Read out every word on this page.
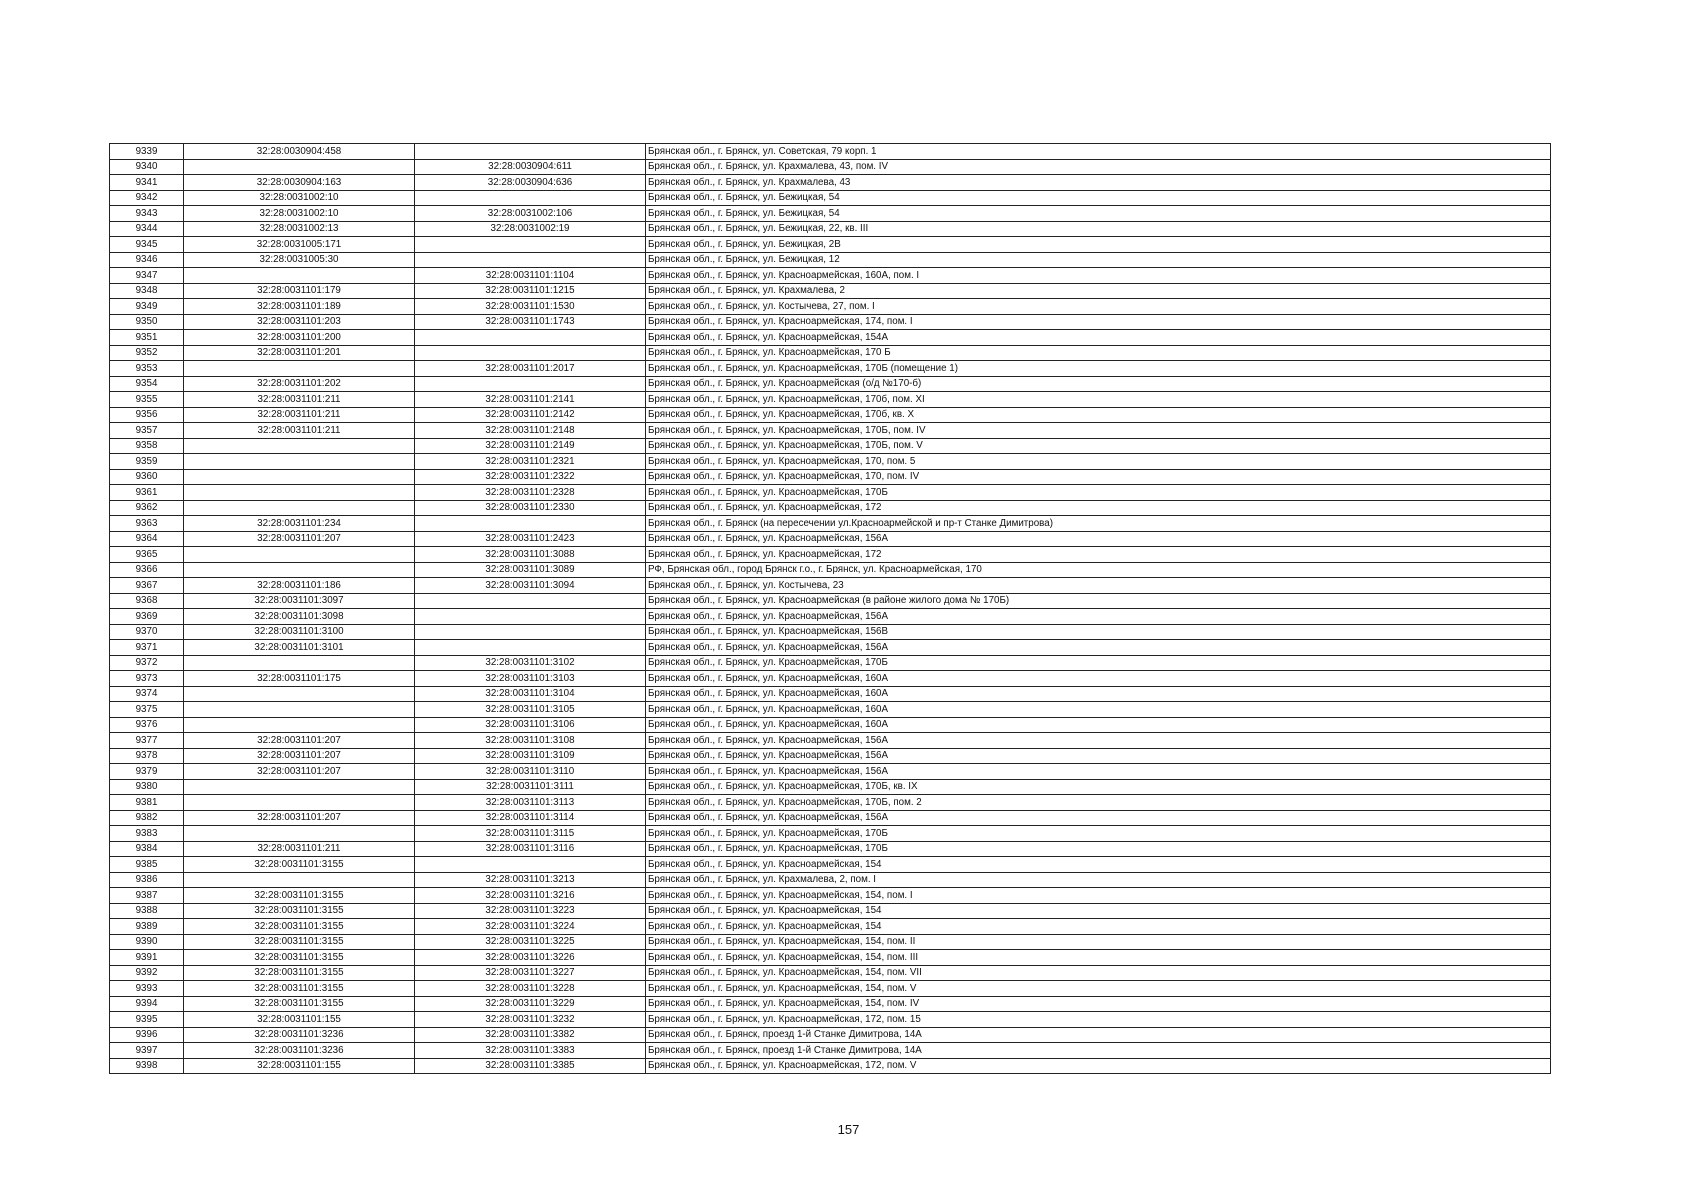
9339	32:28:0030904:458		Брянская обл., г. Брянск, ул. Советская, 79 корп. 1
9340		32:28:0030904:611	Брянская обл., г. Брянск, ул. Крахмалева, 43, пом. IV
9341	32:28:0030904:163	32:28:0030904:636	Брянская обл., г. Брянск, ул. Крахмалева, 43
9342	32:28:0031002:10		Брянская обл., г. Брянск, ул. Бежицкая, 54
9343	32:28:0031002:10	32:28:0031002:106	Брянская обл., г. Брянск, ул. Бежицкая, 54
9344	32:28:0031002:13	32:28:0031002:19	Брянская обл., г. Брянск, ул. Бежицкая, 22, кв. III
9345	32:28:0031005:171		Брянская обл., г. Брянск, ул. Бежицкая, 2В
9346	32:28:0031005:30		Брянская обл., г. Брянск, ул. Бежицкая, 12
9347		32:28:0031101:1104	Брянская обл., г. Брянск, ул. Красноармейская, 160А, пом. I
9348	32:28:0031101:179	32:28:0031101:1215	Брянская обл., г. Брянск, ул. Крахмалева, 2
9349	32:28:0031101:189	32:28:0031101:1530	Брянская обл., г. Брянск, ул. Костычева, 27, пом. I
9350	32:28:0031101:203	32:28:0031101:1743	Брянская обл., г. Брянск, ул. Красноармейская, 174, пом. I
9351	32:28:0031101:200		Брянская обл., г. Брянск, ул. Красноармейская, 154А
9352	32:28:0031101:201		Брянская обл., г. Брянск, ул. Красноармейская, 170 Б
9353		32:28:0031101:2017	Брянская обл., г. Брянск, ул. Красноармейская, 170Б (помещение 1)
9354	32:28:0031101:202		Брянская обл., г. Брянск, ул. Красноармейская (о/д №170-б)
9355	32:28:0031101:211	32:28:0031101:2141	Брянская обл., г. Брянск, ул. Красноармейская, 170б, пом. XI
9356	32:28:0031101:211	32:28:0031101:2142	Брянская обл., г. Брянск, ул. Красноармейская, 170б, кв. X
9357	32:28:0031101:211	32:28:0031101:2148	Брянская обл., г. Брянск, ул. Красноармейская, 170Б, пом. IV
9358		32:28:0031101:2149	Брянская обл., г. Брянск, ул. Красноармейская, 170Б, пом. V
9359		32:28:0031101:2321	Брянская обл., г. Брянск, ул. Красноармейская, 170, пом. 5
9360		32:28:0031101:2322	Брянская обл., г. Брянск, ул. Красноармейская, 170, пом. IV
9361		32:28:0031101:2328	Брянская обл., г. Брянск, ул. Красноармейская, 170Б
9362		32:28:0031101:2330	Брянская обл., г. Брянск, ул. Красноармейская, 172
9363	32:28:0031101:234		Брянская обл., г. Брянск (на пересечении ул.Красноармейской и пр-т Станке Димитрова)
9364	32:28:0031101:207	32:28:0031101:2423	Брянская обл., г. Брянск, ул. Красноармейская, 156А
9365		32:28:0031101:3088	Брянская обл., г. Брянск, ул. Красноармейская, 172
9366		32:28:0031101:3089	РФ, Брянская обл., город Брянск г.о., г. Брянск, ул. Красноармейская, 170
9367	32:28:0031101:186	32:28:0031101:3094	Брянская обл., г. Брянск, ул. Костычева, 23
9368	32:28:0031101:3097		Брянская обл., г. Брянск, ул. Красноармейская (в районе жилого дома № 170Б)
9369	32:28:0031101:3098		Брянская обл., г. Брянск, ул. Красноармейская, 156А
9370	32:28:0031101:3100		Брянская обл., г. Брянск, ул. Красноармейская, 156В
9371	32:28:0031101:3101		Брянская обл., г. Брянск, ул. Красноармейская, 156А
9372		32:28:0031101:3102	Брянская обл., г. Брянск, ул. Красноармейская, 170Б
9373	32:28:0031101:175	32:28:0031101:3103	Брянская обл., г. Брянск, ул. Красноармейская, 160А
9374		32:28:0031101:3104	Брянская обл., г. Брянск, ул. Красноармейская, 160А
9375		32:28:0031101:3105	Брянская обл., г. Брянск, ул. Красноармейская, 160А
9376		32:28:0031101:3106	Брянская обл., г. Брянск, ул. Красноармейская, 160А
9377	32:28:0031101:207	32:28:0031101:3108	Брянская обл., г. Брянск, ул. Красноармейская, 156А
9378	32:28:0031101:207	32:28:0031101:3109	Брянская обл., г. Брянск, ул. Красноармейская, 156А
9379	32:28:0031101:207	32:28:0031101:3110	Брянская обл., г. Брянск, ул. Красноармейская, 156А
9380		32:28:0031101:3111	Брянская обл., г. Брянск, ул. Красноармейская, 170Б, кв. IX
9381		32:28:0031101:3113	Брянская обл., г. Брянск, ул. Красноармейская, 170Б, пом. 2
9382	32:28:0031101:207	32:28:0031101:3114	Брянская обл., г. Брянск, ул. Красноармейская, 156А
9383		32:28:0031101:3115	Брянская обл., г. Брянск, ул. Красноармейская, 170Б
9384	32:28:0031101:211	32:28:0031101:3116	Брянская обл., г. Брянск, ул. Красноармейская, 170Б
9385	32:28:0031101:3155		Брянская обл., г. Брянск, ул. Красноармейская, 154
9386		32:28:0031101:3213	Брянская обл., г. Брянск, ул. Крахмалева, 2, пом. I
9387	32:28:0031101:3155	32:28:0031101:3216	Брянская обл., г. Брянск, ул. Красноармейская, 154, пом. I
9388	32:28:0031101:3155	32:28:0031101:3223	Брянская обл., г. Брянск, ул. Красноармейская, 154
9389	32:28:0031101:3155	32:28:0031101:3224	Брянская обл., г. Брянск, ул. Красноармейская, 154
9390	32:28:0031101:3155	32:28:0031101:3225	Брянская обл., г. Брянск, ул. Красноармейская, 154, пом. II
9391	32:28:0031101:3155	32:28:0031101:3226	Брянская обл., г. Брянск, ул. Красноармейская, 154, пом. III
9392	32:28:0031101:3155	32:28:0031101:3227	Брянская обл., г. Брянск, ул. Красноармейская, 154, пом. VII
9393	32:28:0031101:3155	32:28:0031101:3228	Брянская обл., г. Брянск, ул. Красноармейская, 154, пом. V
9394	32:28:0031101:3155	32:28:0031101:3229	Брянская обл., г. Брянск, ул. Красноармейская, 154, пом. IV
9395	32:28:0031101:155	32:28:0031101:3232	Брянская обл., г. Брянск, ул. Красноармейская, 172, пом. 15
9396	32:28:0031101:3236	32:28:0031101:3382	Брянская обл., г. Брянск, проезд 1-й Станке Димитрова, 14А
9397	32:28:0031101:3236	32:28:0031101:3383	Брянская обл., г. Брянск, проезд 1-й Станке Димитрова, 14А
9398	32:28:0031101:155	32:28:0031101:3385	Брянская обл., г. Брянск, ул. Красноармейская, 172, пом. V
157
